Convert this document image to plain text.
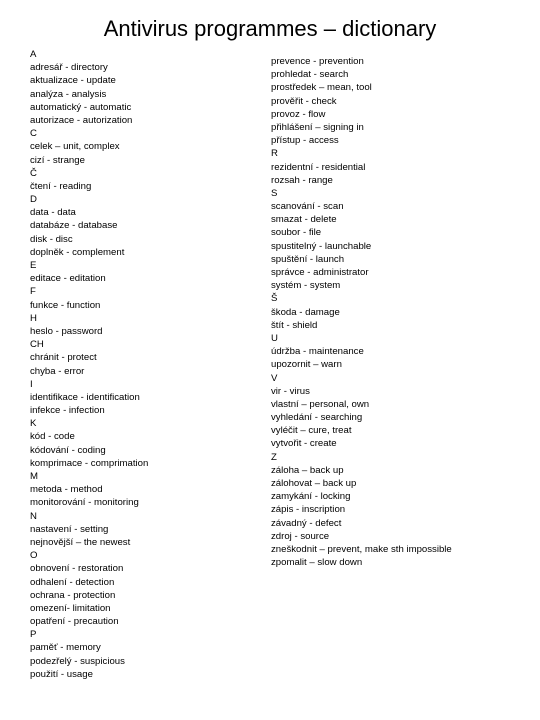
Antivirus programmes – dictionary
A
adresář - directory
aktualizace - update
analýza - analysis
automatický - automatic
autorizace - autorization
C
celek – unit, complex
cizí - strange
Č
čtení - reading
D
data - data
databáze - database
disk - disc
doplněk - complement
E
editace - editation
F
funkce - function
H
heslo - password
CH
chránit - protect
chyba - error
I
identifikace - identification
infekce - infection
K
kód - code
kódování - coding
komprimace - comprimation
M
metoda - method
monitorování - monitoring
N
nastavení - setting
nejnovější – the newest
O
obnovení - restoration
odhalení - detection
ochrana - protection
omezení- limitation
opatření - precaution
P
paměť - memory
podezřelý - suspicious
použití - usage
prevence - prevention
prohledat - search
prostředek – mean, tool
prověřit - check
provoz - flow
přihlášení – signing in
přístup - access
R
rezidentní - residential
rozsah - range
S
scanování - scan
smazat - delete
soubor - file
spustitelný - launchable
spuštění - launch
správce - administrator
systém - system
Š
škoda - damage
štít - shield
U
údržba - maintenance
upozornit – warn
V
vir - virus
vlastní – personal, own
vyhledání - searching
vyléčit – cure, treat
vytvořit - create
Z
záloha – back up
zálohovat – back up
zamykání - locking
zápis - inscription
závadný - defect
zdroj - source
zneškodnit – prevent, make sth impossible
zpomalit – slow down
